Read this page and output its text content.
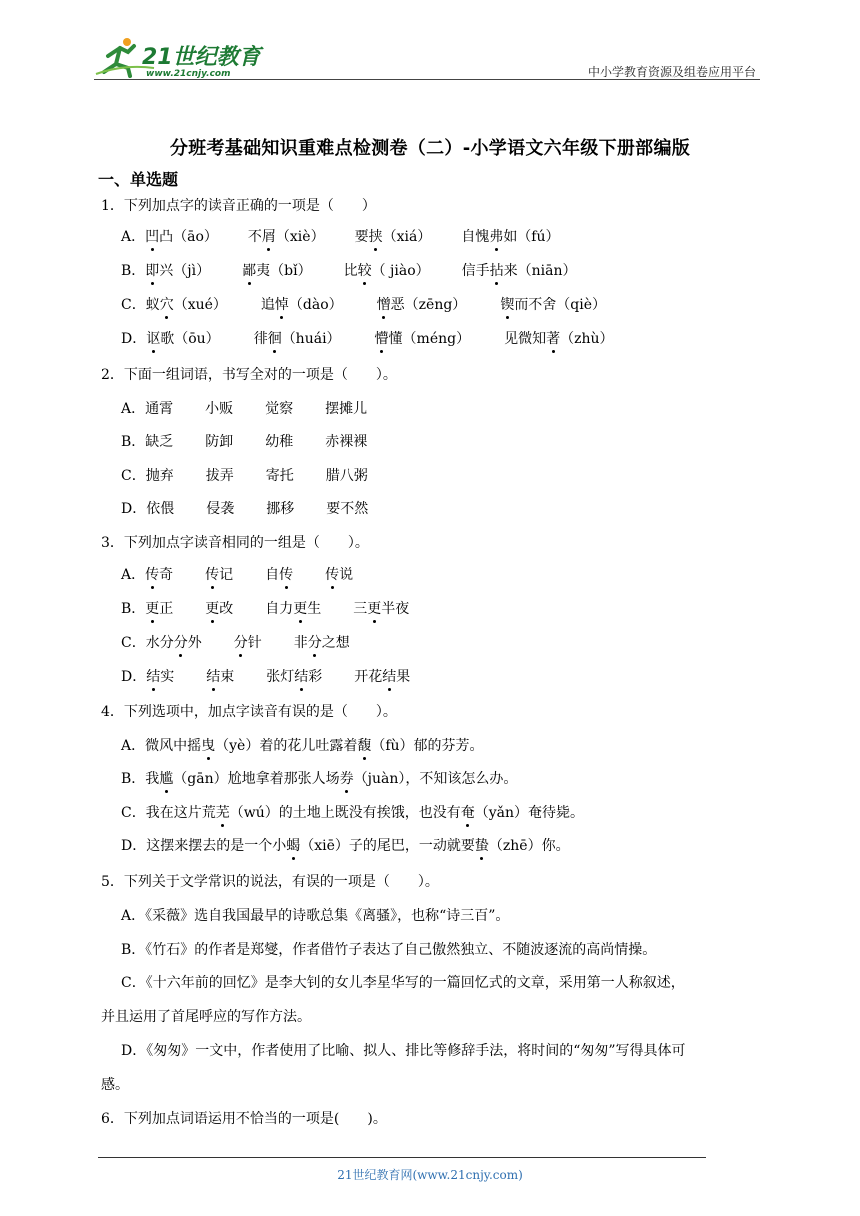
21世纪教育
www.21cnjy.com	中小学教育资源及组卷应用平台
分班考基础知识重难点检测卷（二）-小学语文六年级下册部编版
一、单选题
1．下列加点字的读音正确的一项是（　　）
A．凹凸（āo） 不屑（xiè） 要挟（xiá） 自愧弗如（fú）
B．即兴（jì） 鄙夷（bǐ） 比较（ jiào） 信手拈来（niān）
C．蚁穴（xué） 追悼（dào） 憎恶（zēng） 锲而不舍（qiè）
D．讴歌（ōu） 徘徊（huái） 懵懂（méng） 见微知著（zhù）
2．下面一组词语，书写全对的一项是（　　）。
A．通霄 小贩 觉察 摆摊儿
B．缺乏 防卸 幼稚 赤裸裸
C．抛弃 拔弄 寄托 腊八粥
D．依偎 侵袭 挪移 要不然
3．下列加点字读音相同的一组是（　　）。
A．传奇 传记 自传 传说
B．更正 更改 自力更生 三更半夜
C．水分分外 分针 非分之想
D．结实 结束 张灯结彩 开花结果
4．下列选项中，加点字读音有误的是（　　）。
A．微风中摇曳（yè）着的花儿吐露着馥（fù）郁的芬芳。
B．我尴（gān）尬地拿着那张人场券（juàn），不知该怎么办。
C．我在这片荒芜（wú）的土地上既没有挨饿，也没有奄（yǎn）奄待毙。
D．这摆来摆去的是一个小蝎（xiē）子的尾巴，一动就要蛰（zhē）你。
5．下列关于文学常识的说法，有误的一项是（　　）。
A．《采薇》选自我国最早的诗歌总集《离骚》，也称“诗三百”。
B．《竹石》的作者是郑燮，作者借竹子表达了自己傲然独立、不随波逐流的高尚情操。
C．《十六年前的回忆》是李大钊的女儿李星华写的一篇回忆式的文章，采用第一人称叙述，
并且运用了首尾呼应的写作方法。
D．《匆匆》一文中，作者使用了比喻、拟人、排比等修辞手法，将时间的“匆匆”写得具体可
感。
6．下列加点词语运用不恰当的一项是(　　)。
21世纪教育网(www.21cnjy.com)
